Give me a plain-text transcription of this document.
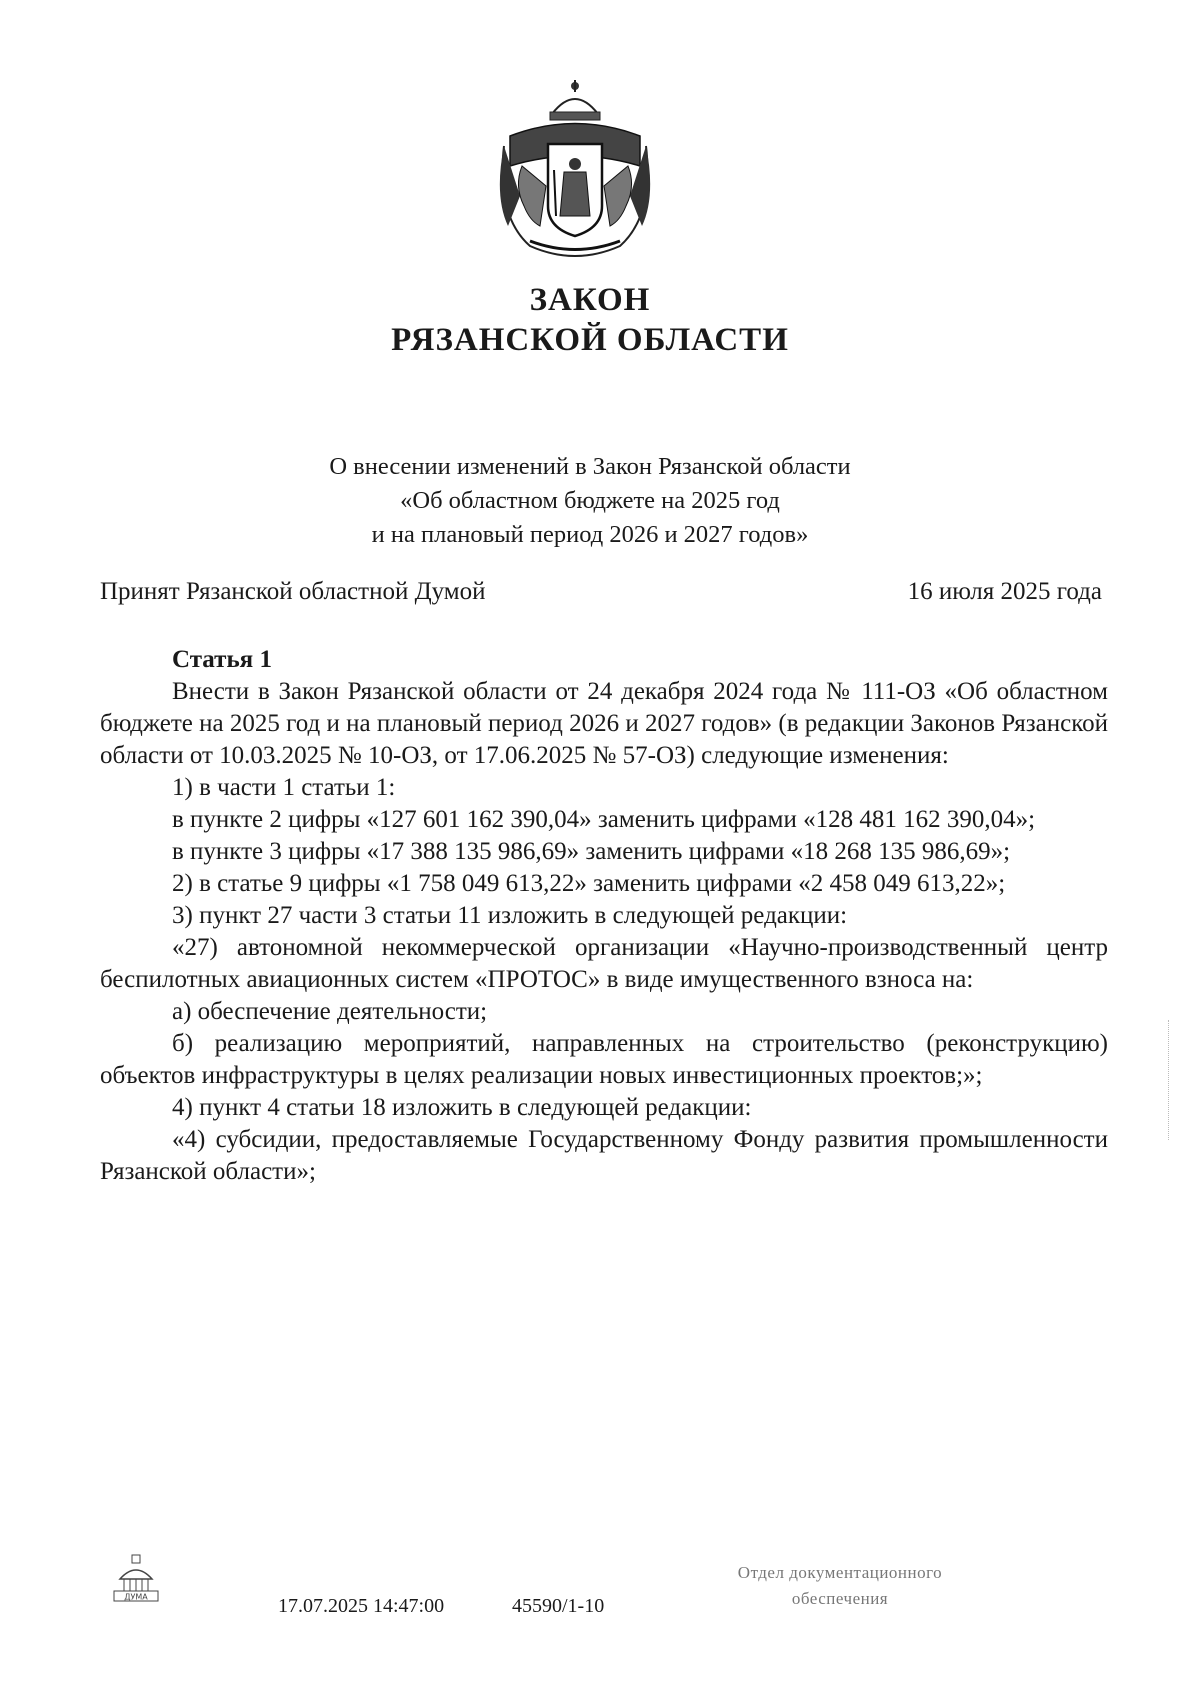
ЗАКОН
РЯЗАНСКОЙ ОБЛАСТИ
О внесении изменений в Закон Рязанской области
«Об областном бюджете на 2025 год
и на плановый период 2026 и 2027 годов»
Принят Рязанской областной Думой	16 июля 2025 года
Статья 1

Внести в Закон Рязанской области от 24 декабря 2024 года № 111-ОЗ «Об областном бюджете на 2025 год и на плановый период 2026 и 2027 годов» (в редакции Законов Рязанской области от 10.03.2025 № 10-ОЗ, от 17.06.2025 № 57-ОЗ) следующие изменения:

1) в части 1 статьи 1:

в пункте 2 цифры «127 601 162 390,04» заменить цифрами «128 481 162 390,04»;

в пункте 3 цифры «17 388 135 986,69» заменить цифрами «18 268 135 986,69»;

2) в статье 9 цифры «1 758 049 613,22» заменить цифрами «2 458 049 613,22»;

3) пункт 27 части 3 статьи 11 изложить в следующей редакции:

«27) автономной некоммерческой организации «Научно-производственный центр беспилотных авиационных систем «ПРОТОС» в виде имущественного взноса на:

а) обеспечение деятельности;

б) реализацию мероприятий, направленных на строительство (реконструкцию) объектов инфраструктуры в целях реализации новых инвестиционных проектов;»;

4) пункт 4 статьи 18 изложить в следующей редакции:

«4) субсидии, предоставляемые Государственному Фонду развития промышленности Рязанской области»;

ДУМА	17.07.2025 14:47:00	45590/1-10
Отдел документационного
обеспечения
